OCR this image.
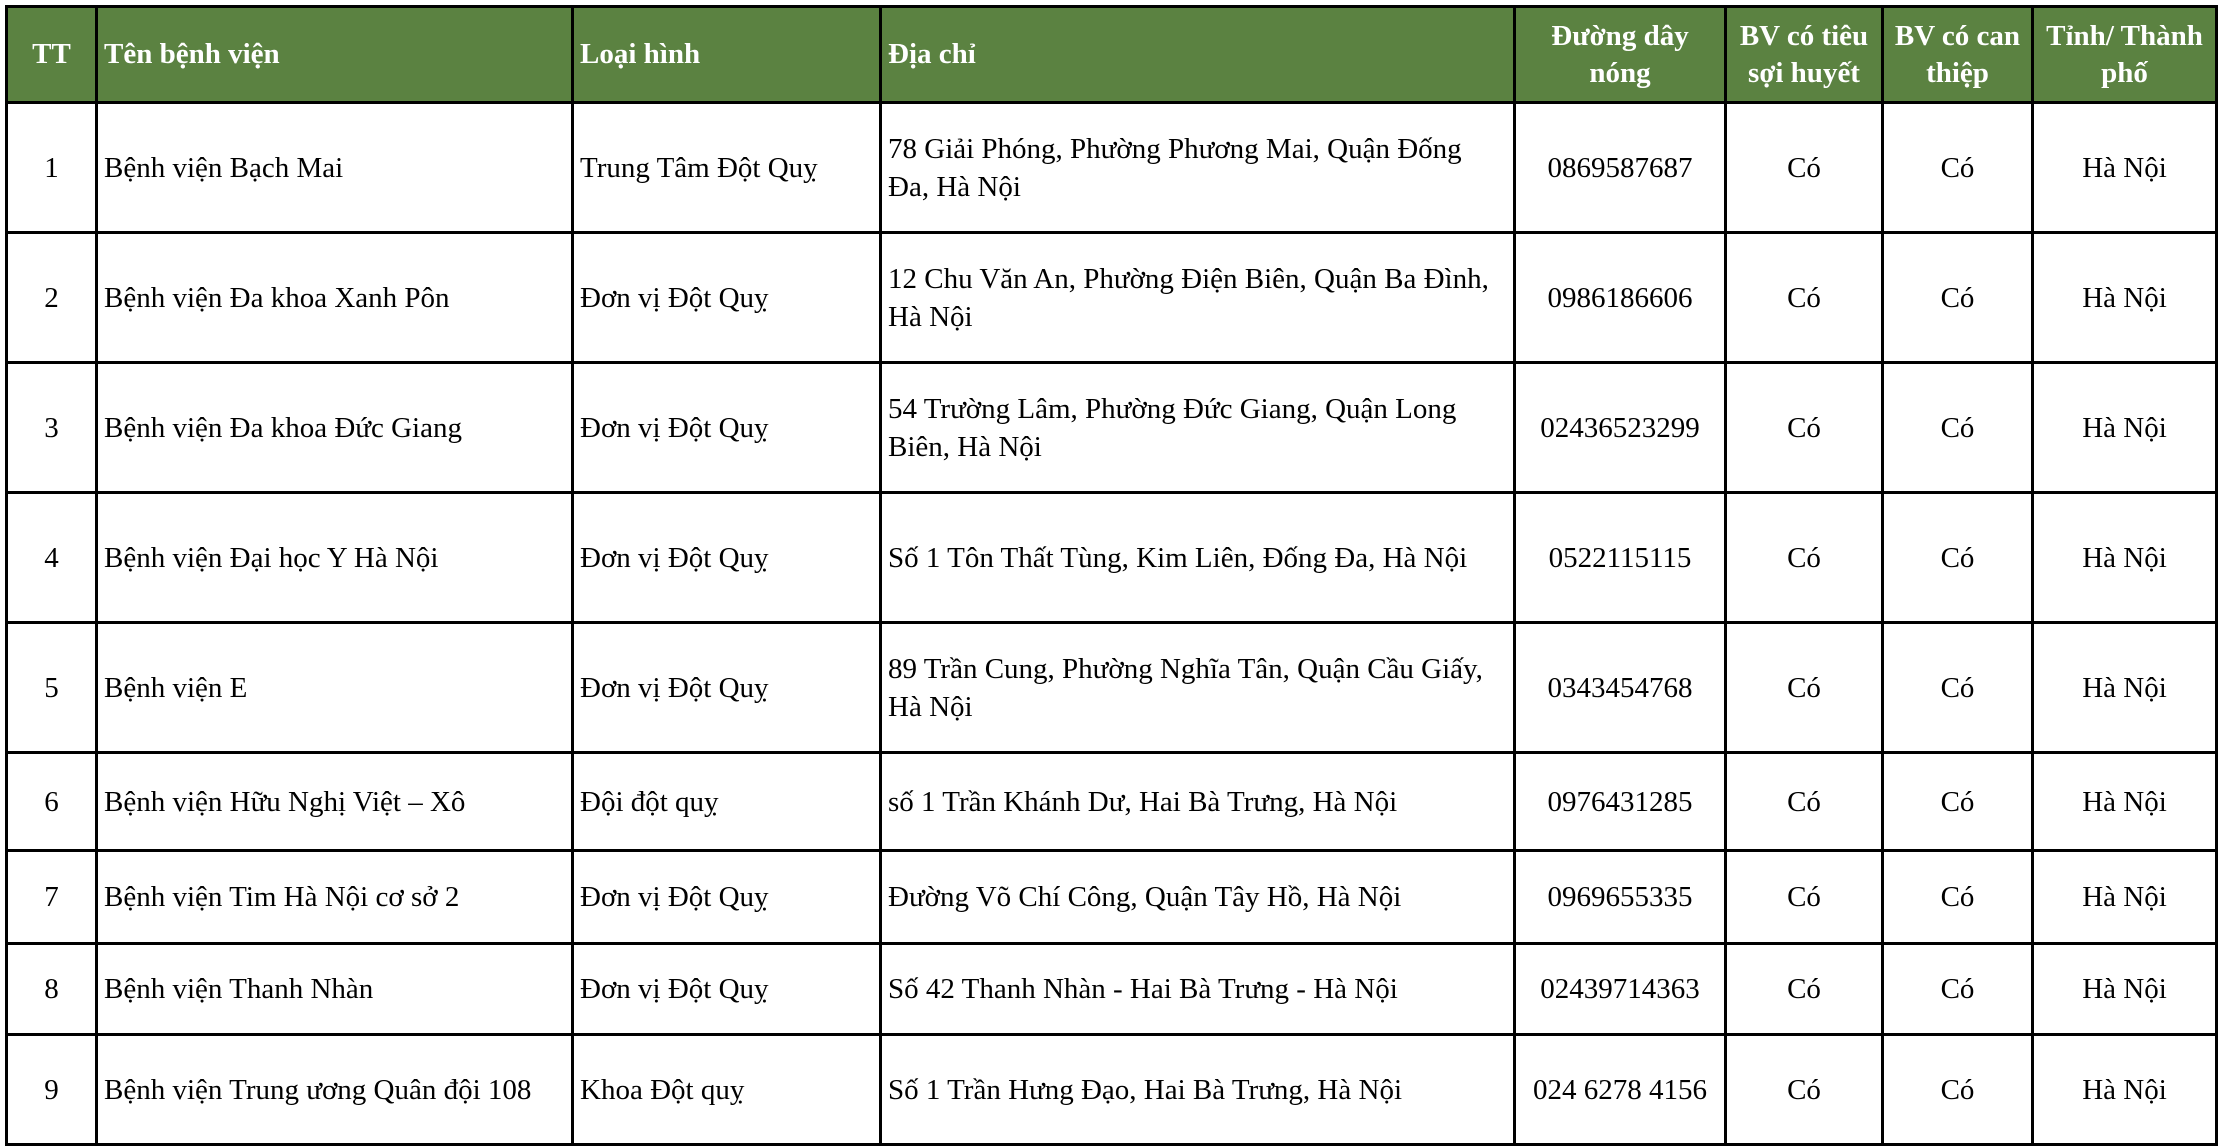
TT	Tên bệnh viện	Loại hình	Địa chỉ	Đường dây nóng	BV có tiêu sợi huyết	BV có can thiệp	Tỉnh/ Thành phố
1	Bệnh viện Bạch Mai	Trung Tâm Đột Quỵ	78 Giải Phóng, Phường Phương Mai, Quận Đống Đa, Hà Nội	0869587687	Có	Có	Hà Nội
2	Bệnh viện Đa khoa Xanh Pôn	Đơn vị Đột Quỵ	12 Chu Văn An, Phường Điện Biên, Quận Ba Đình, Hà Nội	0986186606	Có	Có	Hà Nội
3	Bệnh viện Đa khoa Đức Giang	Đơn vị Đột Quỵ	54 Trường Lâm, Phường Đức Giang, Quận Long Biên, Hà Nội	02436523299	Có	Có	Hà Nội
4	Bệnh viện Đại học Y Hà Nội	Đơn vị Đột Quỵ	Số 1 Tôn Thất Tùng, Kim Liên, Đống Đa, Hà Nội	0522115115	Có	Có	Hà Nội
5	Bệnh viện E	Đơn vị Đột Quỵ	89 Trần Cung, Phường Nghĩa Tân, Quận Cầu Giấy, Hà Nội	0343454768	Có	Có	Hà Nội
6	Bệnh viện Hữu Nghị Việt – Xô	Đội đột quỵ	số 1 Trần Khánh Dư, Hai Bà Trưng, Hà Nội	0976431285	Có	Có	Hà Nội
7	Bệnh viện Tim Hà Nội cơ sở 2	Đơn vị Đột Quỵ	Đường Võ Chí Công, Quận Tây Hồ, Hà Nội	0969655335	Có	Có	Hà Nội
8	Bệnh viện Thanh Nhàn	Đơn vị Đột Quỵ	Số 42 Thanh Nhàn - Hai Bà Trưng - Hà Nội	02439714363	Có	Có	Hà Nội
9	Bệnh viện Trung ương Quân đội 108	Khoa Đột quỵ	Số 1 Trần Hưng Đạo, Hai Bà Trưng, Hà Nội	024 6278 4156	Có	Có	Hà Nội
